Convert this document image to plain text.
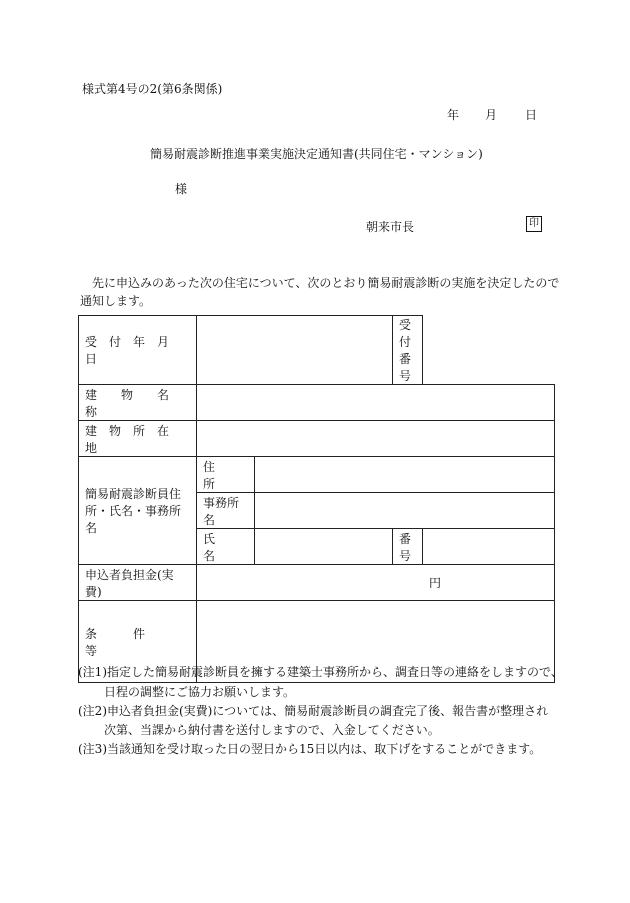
様式第4号の2(第6条関係)
年 月 日
簡易耐震診断推進事業実施決定通知書(共同住宅・マンション)
様
朝来市長	印
先に申込みのあった次の住宅について、次のとおり簡易耐震診断の実施を決定したので
通知します。
受　付　年　月　日			受付番号
建　　物　　名　　称				
建　物　所　在　地				

簡易耐震診断員住
所・氏名・事務所名	住　　所			
	事務所名			
	氏　　名		番　号	
申込者負担金(実費)	円			
条　　　件　　　等				
(注1)指定した簡易耐震診断員を擁する建築士事務所から、調査日等の連絡をしますので、
日程の調整にご協力お願いします。
(注2)申込者負担金(実費)については、簡易耐震診断員の調査完了後、報告書が整理され
次第、当課から納付書を送付しますので、入金してください。
(注3)当該通知を受け取った日の翌日から15日以内は、取下げをすることができます。
